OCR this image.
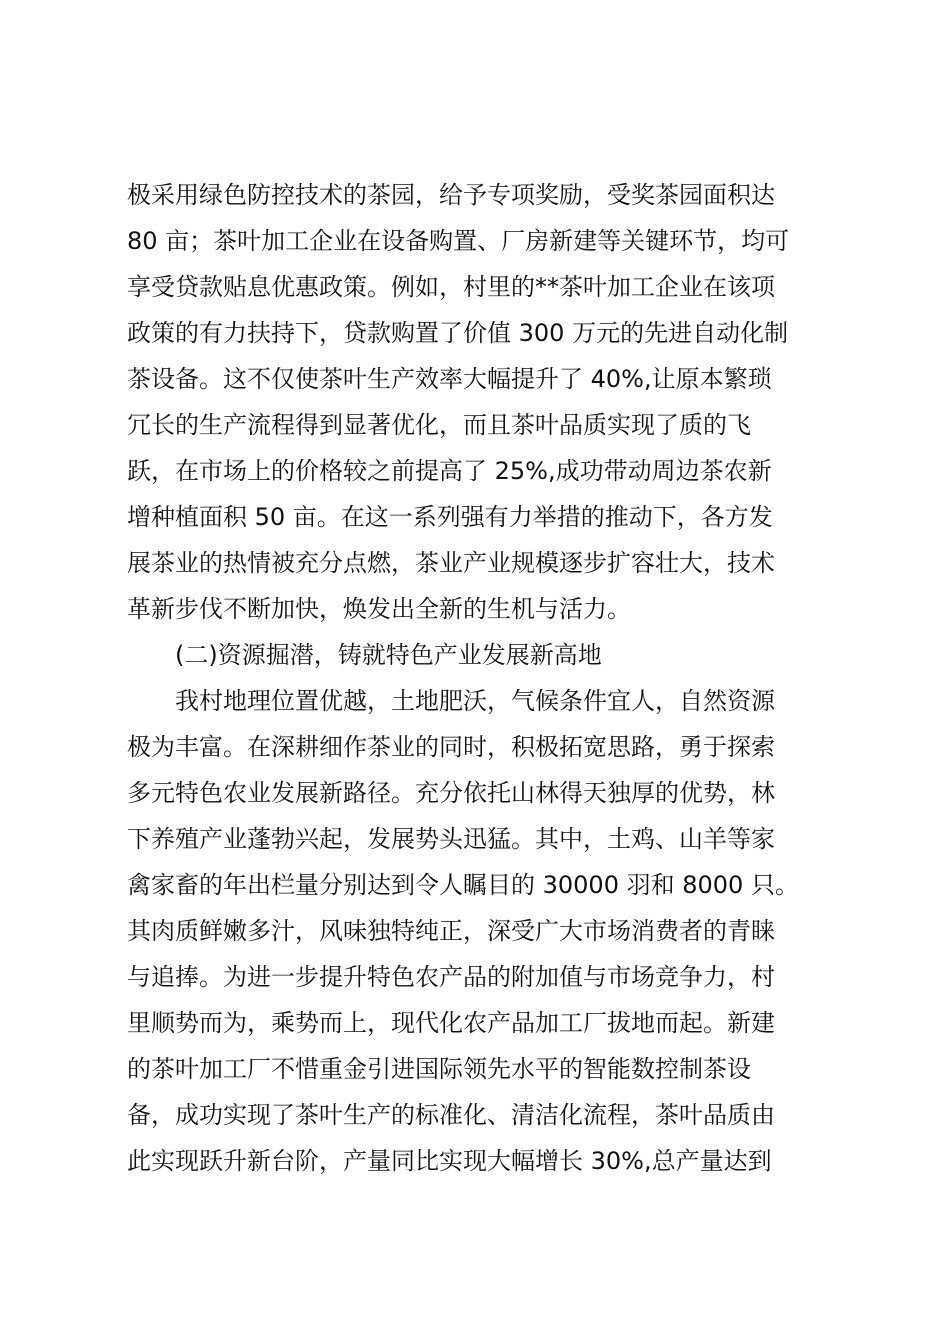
极采用绿色防控技术的茶园，给予专项奖励，受奖茶园面积达
80 亩；茶叶加工企业在设备购置、厂房新建等关键环节，均可
享受贷款贴息优惠政策。例如，村里的**茶叶加工企业在该项
政策的有力扶持下，贷款购置了价值 300 万元的先进自动化制
茶设备。这不仅使茶叶生产效率大幅提升了 40%,让原本繁琐
冗长的生产流程得到显著优化，而且茶叶品质实现了质的飞
跃，在市场上的价格较之前提高了 25%,成功带动周边茶农新
增种植面积 50 亩。在这一系列强有力举措的推动下，各方发
展茶业的热情被充分点燃，茶业产业规模逐步扩容壮大，技术
革新步伐不断加快，焕发出全新的生机与活力。
(二)资源掘潜，铸就特色产业发展新高地
我村地理位置优越，土地肥沃，气候条件宜人，自然资源
极为丰富。在深耕细作茶业的同时，积极拓宽思路，勇于探索
多元特色农业发展新路径。充分依托山林得天独厚的优势，林
下养殖产业蓬勃兴起，发展势头迅猛。其中，土鸡、山羊等家
禽家畜的年出栏量分别达到令人瞩目的 30000 羽和 8000 只。
其肉质鲜嫩多汁，风味独特纯正，深受广大市场消费者的青睐
与追捧。为进一步提升特色农产品的附加值与市场竞争力，村
里顺势而为，乘势而上，现代化农产品加工厂拔地而起。新建
的茶叶加工厂不惜重金引进国际领先水平的智能数控制茶设
备，成功实现了茶叶生产的标准化、清洁化流程，茶叶品质由
此实现跃升新台阶，产量同比实现大幅增长 30%,总产量达到
